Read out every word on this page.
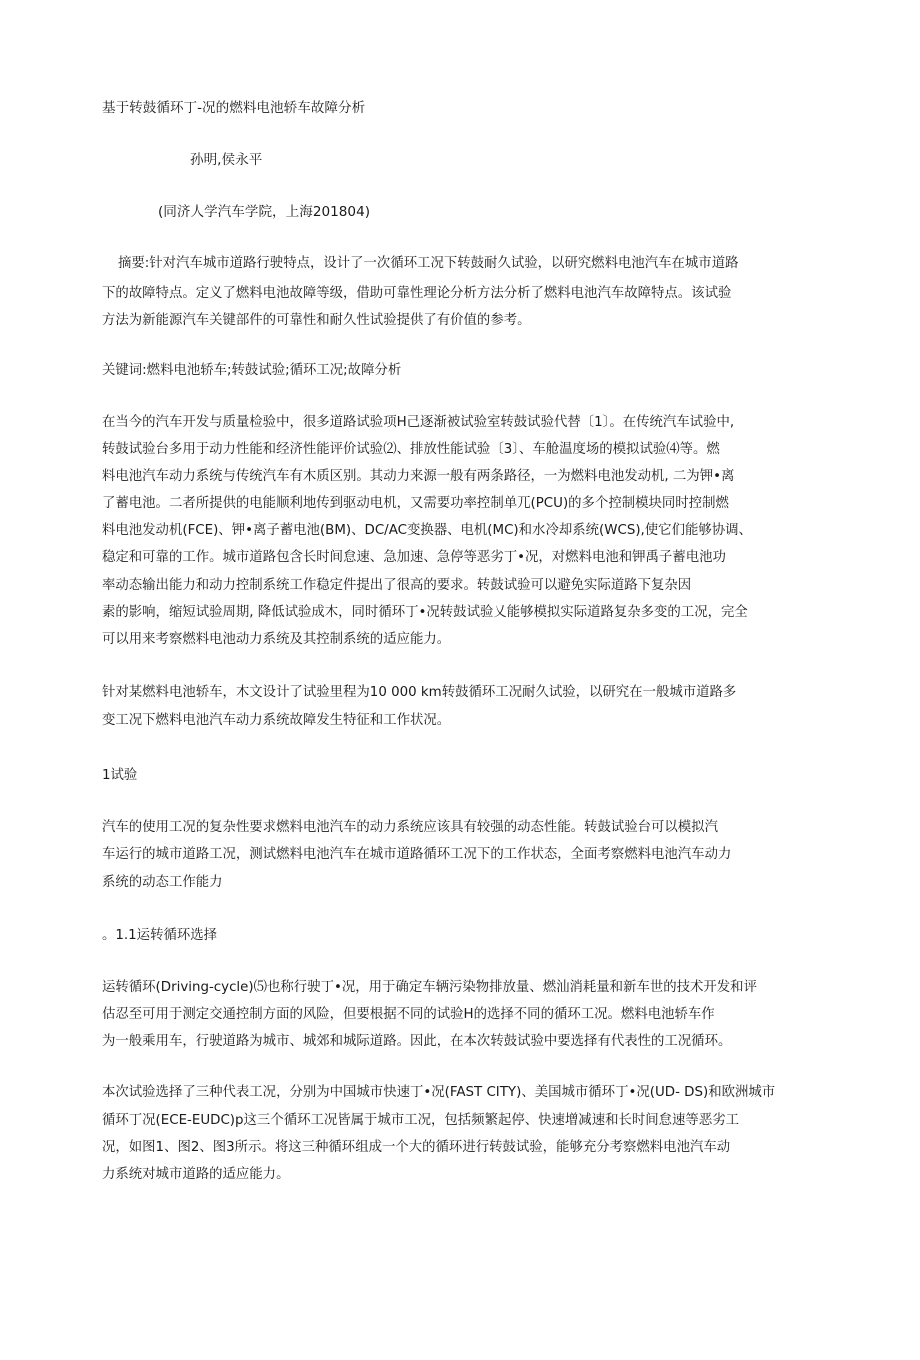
基于转鼓循环丁-况的燃料电池轿车故障分析
孙明,侯永平
(同济人学汽车学院，上海201804)
摘要:针对汽车城市道路行驶特点，设计了一次循环工况下转鼓耐久试验，以研究燃料电池汽车在城市道路
下的故障特点。定义了燃料电池故障等级，借助可靠性理论分析方法分析了燃料电池汽车故障特点。该试验
方法为新能源汽车关键部件的可靠性和耐久性试验提供了有价值的参考。
关键词:燃料电池轿车;转鼓试验;循环工况;故障分析
在当今的汽车开发与质量检验中，很多道路试验项H己逐渐被试验室转鼓试验代替〔1〕。在传统汽车试验中,
转鼓试验台多用于动力性能和经济性能评价试验⑵、排放性能试验〔3〕、车舱温度场的模拟试验⑷等。燃
料电池汽车动力系统与传统汽车有木质区别。其动力来源一般有两条路径，一为燃料电池发动机, 二为钾•离
了蓄电池。二者所提供的电能顺利地传到驱动电机，又需要功率控制单兀(PCU)的多个控制模块同时控制燃
料电池发动机(FCE)、钾•离子蓄电池(BM)、DC/AC变换器、电机(MC)和水冷却系统(WCS),使它们能够协调、
稳定和可靠的工作。城市道路包含长时间怠速、急加速、急停等恶劣丁•况，对燃料电池和钾禹子蓄电池功
率动态输出能力和动力控制系统工作稳定件提出了很高的要求。转鼓试验可以避免实际道路下复杂因
素的影响，缩短试验周期, 降低试验成木，同时循环丁•况转鼓试验乂能够模拟实际道路复杂多变的工况，完全
可以用来考察燃料电池动力系统及其控制系统的适应能力。
针对某燃料电池轿车，木文设计了试验里程为10 000 km转鼓循环工况耐久试验，以研究在一般城市道路多
变工况下燃料电池汽车动力系统故障发生特征和工作状况。
1试验
汽车的使用工况的复杂性要求燃料电池汽车的动力系统应该具有较强的动态性能。转鼓试验台可以模拟汽
车运行的城市道路工况，测试燃料电池汽车在城市道路循环工况下的工作状态，全面考察燃料电池汽车动力
系统的动态工作能力
。1.1运转循环选择
运转循环(Driving-cycle)⑸也称行驶丁•况，用于确定车辆污染物排放量、燃汕消耗量和新车世的技术开发和评
估忍至可用于测定交通控制方面的风险，但要根据不同的试验H的选择不同的循环工况。燃料电池轿车作
为一般乘用车，行驶道路为城市、城郊和城际道路。因此，在本次转鼓试验中要选择有代表性的工况循环。
本次试验选择了三种代表工况，分别为中国城市快速丁•况(FAST CITY)、美国城市循环丁•况(UD- DS)和欧洲城市
循环丁况(ECE-EUDC)p这三个循环工况皆属于城市工况，包括频繁起停、快速增减速和长时间怠速等恶劣工
况，如图1、图2、图3所示。将这三种循环组成一个大的循环进行转鼓试验，能够充分考察燃料电池汽车动
力系统对城市道路的适应能力。
